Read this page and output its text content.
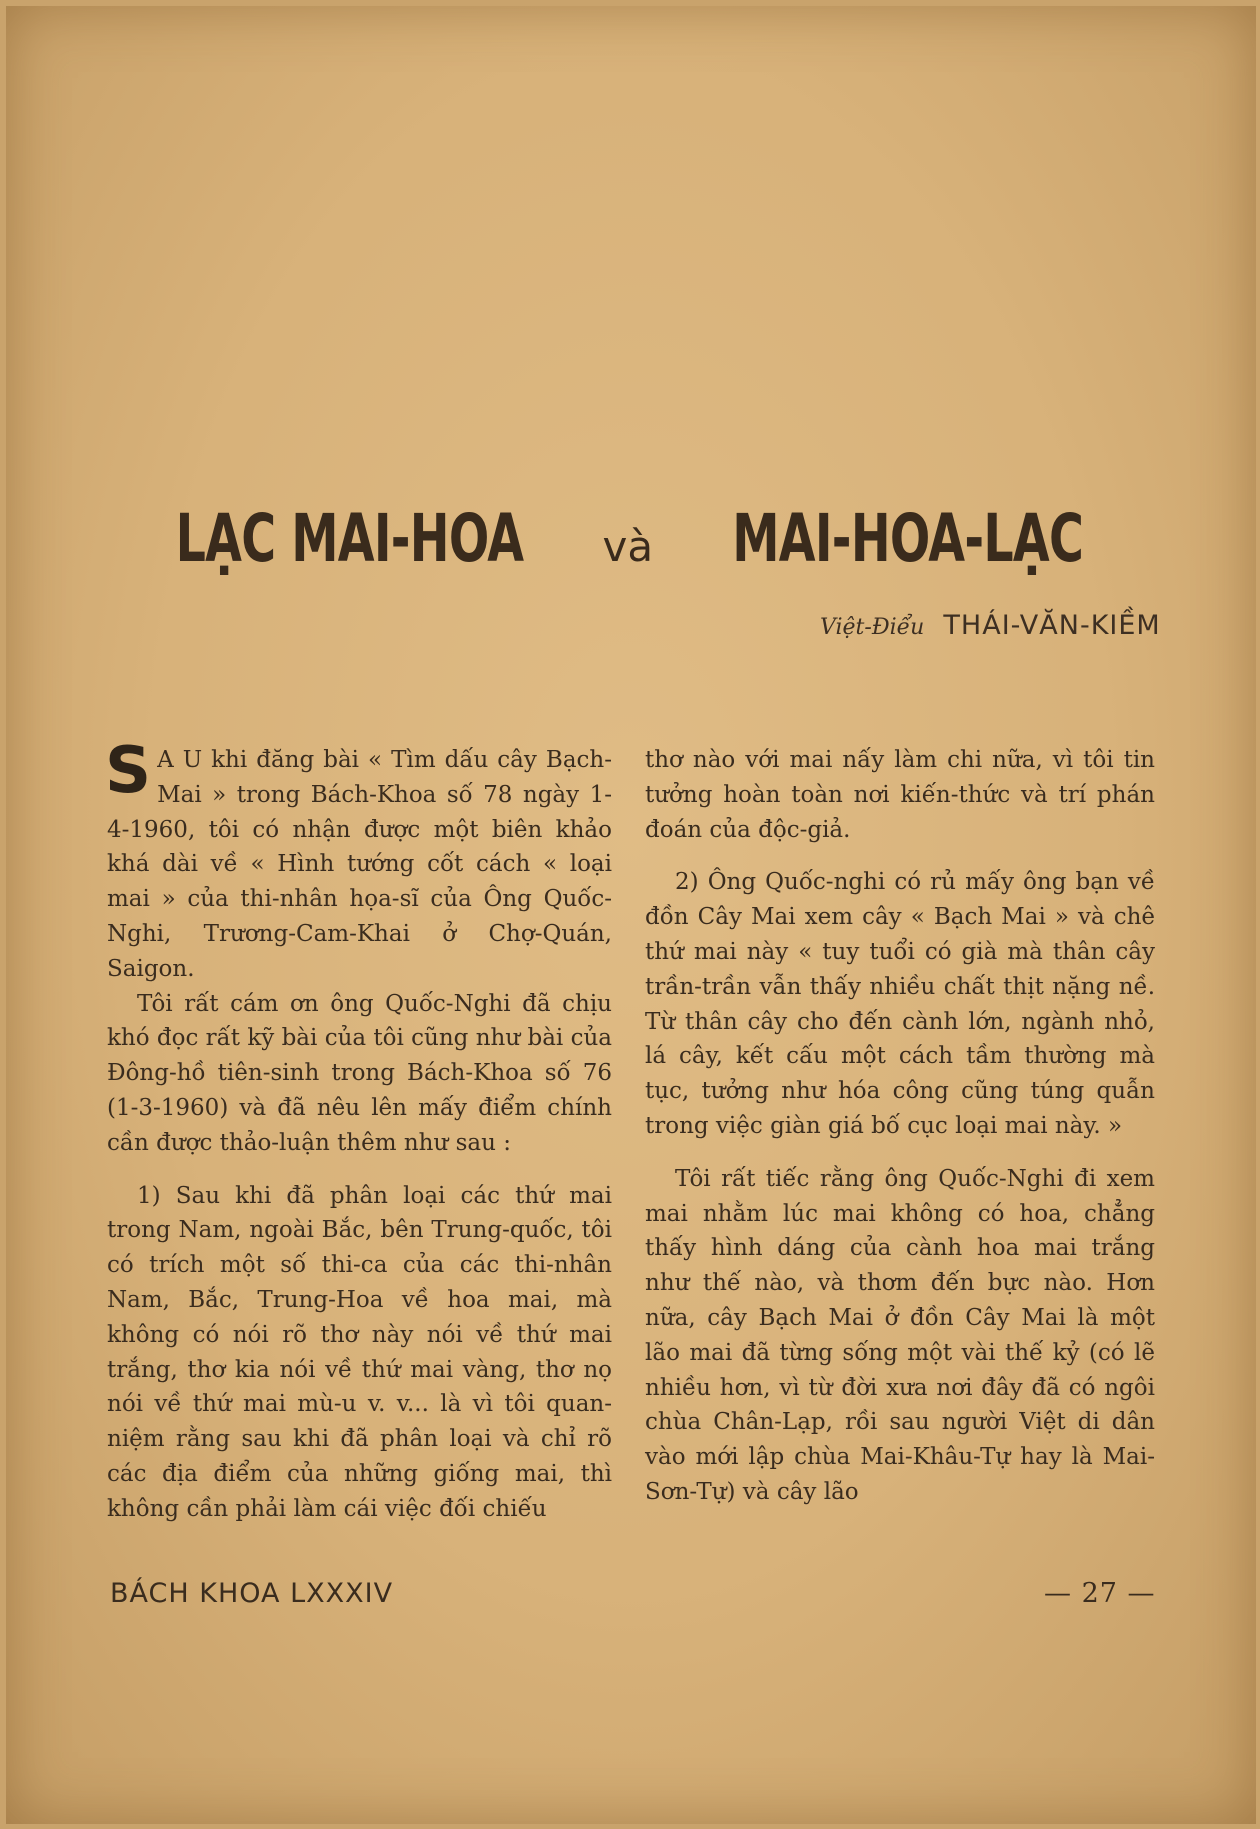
LẠC MAI-HOA và MAI-HOA-LẠC
Việt-Điểu THÁI-VĂN-KIỀM

S A U khi đăng bài « Tìm dấu cây Bạch-Mai » trong Bách-Khoa số 78 ngày 1-4-1960, tôi có nhận được một biên khảo khá dài về « Hình tướng cốt cách « loại mai » của thi-nhân họa-sĩ của Ông Quốc-Nghi, Trương-Cam-Khai ở Chợ-Quán, Saigon.

Tôi rất cám ơn ông Quốc-Nghi đã chịu khó đọc rất kỹ bài của tôi cũng như bài của Đông-hồ tiên-sinh trong Bách-Khoa số 76 (1-3-1960) và đã nêu lên mấy điểm chính cần được thảo-luận thêm như sau :

1) Sau khi đã phân loại các thứ mai trong Nam, ngoài Bắc, bên Trung-quốc, tôi có trích một số thi-ca của các thi-nhân Nam, Bắc, Trung-Hoa về hoa mai, mà không có nói rõ thơ này nói về thứ mai trắng, thơ kia nói về thứ mai vàng, thơ nọ nói về thứ mai mù-u v. v... là vì tôi quan-niệm rằng sau khi đã phân loại và chỉ rõ các địa điểm của những giống mai, thì không cần phải làm cái việc đối chiếu

thơ nào với mai nấy làm chi nữa, vì tôi tin tưởng hoàn toàn nơi kiến-thức và trí phán đoán của độc-giả.

2) Ông Quốc-nghi có rủ mấy ông bạn về đồn Cây Mai xem cây « Bạch Mai » và chê thứ mai này « tuy tuổi có già mà thân cây trần-trần vẫn thấy nhiều chất thịt nặng nề. Từ thân cây cho đến cành lớn, ngành nhỏ, lá cây, kết cấu một cách tầm thường mà tục, tưởng như hóa công cũng túng quẫn trong việc giàn giá bố cục loại mai này. »

Tôi rất tiếc rằng ông Quốc-Nghi đi xem mai nhằm lúc mai không có hoa, chẳng thấy hình dáng của cành hoa mai trắng như thế nào, và thơm đến bực nào. Hơn nữa, cây Bạch Mai ở đồn Cây Mai là một lão mai đã từng sống một vài thế kỷ (có lẽ nhiều hơn, vì từ đời xưa nơi đây đã có ngôi chùa Chân-Lạp, rồi sau người Việt di dân vào mới lập chùa Mai-Khâu-Tự hay là Mai-Sơn-Tự) và cây lão

BÁCH KHOA LXXXIV	— 27 —
